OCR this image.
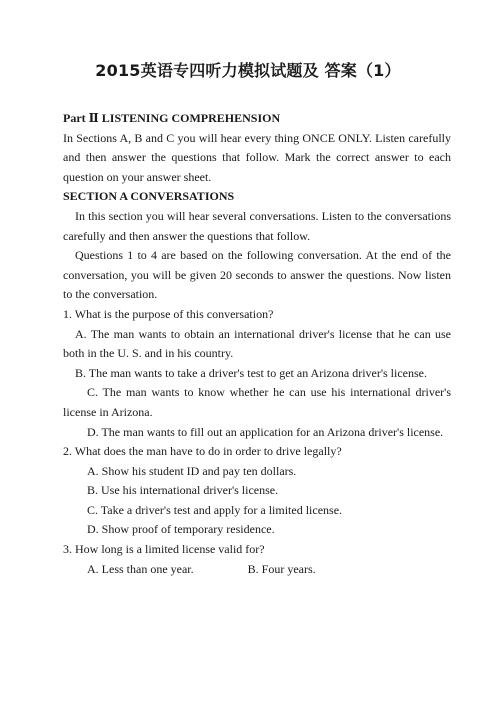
2015英语专四听力模拟试题及 答案（1）
Part Ⅱ LISTENING COMPREHENSION
In Sections A, B and C you will hear every thing ONCE ONLY. Listen carefully and then answer the questions that follow. Mark the correct answer to each question on your answer sheet.
SECTION A CONVERSATIONS
In this section you will hear several conversations. Listen to the conversations carefully and then answer the questions that follow.
Questions 1 to 4 are based on the following conversation. At the end of the conversation, you will be given 20 seconds to answer the questions. Now listen to the conversation.
1. What is the purpose of this conversation?
A. The man wants to obtain an international driver's license that he can use both in the U. S. and in his country.
B. The man wants to take a driver's test to get an Arizona driver's license.
C. The man wants to know whether he can use his international driver's license in Arizona.
D. The man wants to fill out an application for an Arizona driver's license.
2. What does the man have to do in order to drive legally?
A. Show his student ID and pay ten dollars.
B. Use his international driver's license.
C. Take a driver's test and apply for a limited license.
D. Show proof of temporary residence.
3. How long is a limited license valid for?
A. Less than one year.	B. Four years.
